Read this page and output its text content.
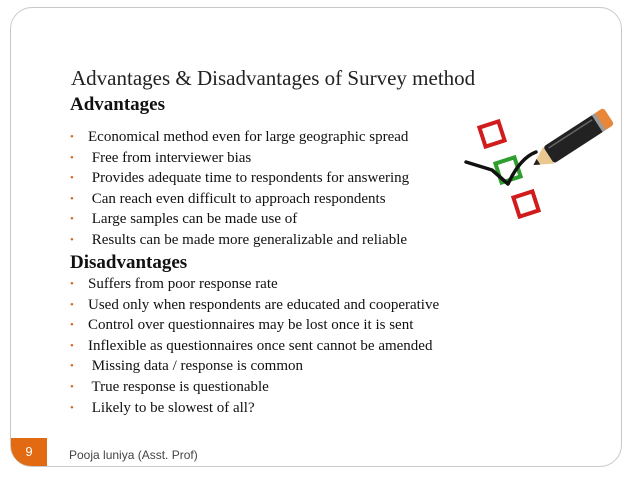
Advantages & Disadvantages of Survey method
Advantages
• Economical method even for large geographic spread
• Free from interviewer bias
• Provides adequate time to respondents for answering
• Can reach even difficult to approach respondents
• Large samples can be made use of
• Results can be made more generalizable and reliable
Disadvantages
• Suffers from poor response rate
• Used only when respondents are educated and cooperative
• Control over questionnaires may be lost once it is sent
• Inflexible as questionnaires once sent cannot be amended
• Missing data / response is common
• True response is questionable
• Likely to be slowest of all?
9	Pooja luniya (Asst. Prof)
